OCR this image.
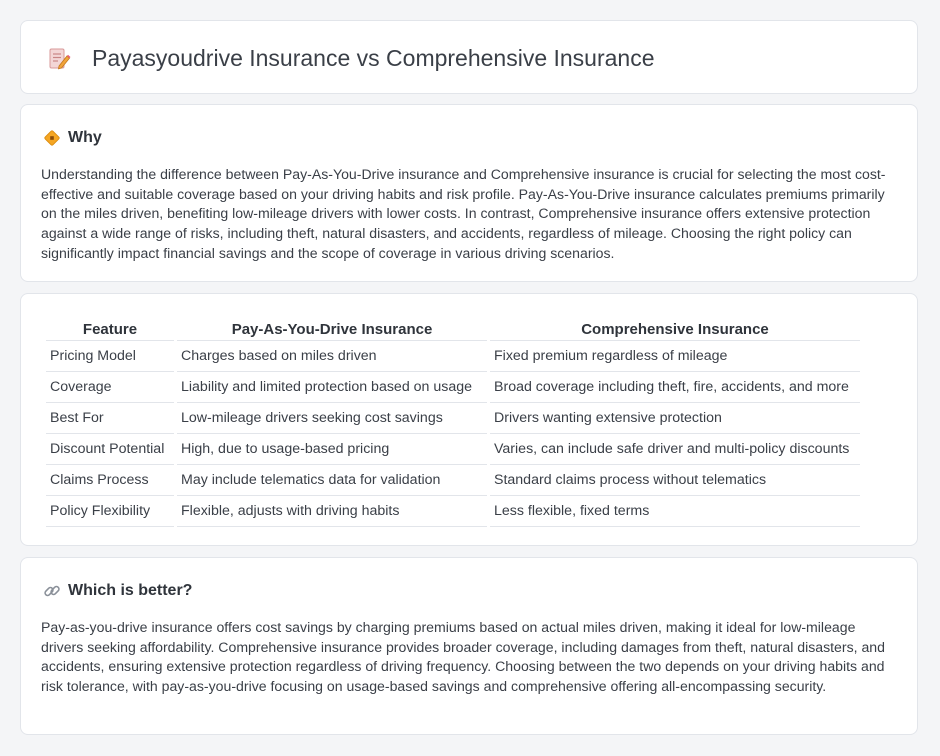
Payasyoudrive Insurance vs Comprehensive Insurance
Why

Understanding the difference between Pay-As-You-Drive insurance and Comprehensive insurance is crucial for selecting the most cost-effective and suitable coverage based on your driving habits and risk profile. Pay-As-You-Drive insurance calculates premiums primarily on the miles driven, benefiting low-mileage drivers with lower costs. In contrast, Comprehensive insurance offers extensive protection against a wide range of risks, including theft, natural disasters, and accidents, regardless of mileage. Choosing the right policy can significantly impact financial savings and the scope of coverage in various driving scenarios.

Feature	Pay-As-You-Drive Insurance	Comprehensive Insurance
Pricing Model	Charges based on miles driven	Fixed premium regardless of mileage
Coverage	Liability and limited protection based on usage	Broad coverage including theft, fire, accidents, and more
Best For	Low-mileage drivers seeking cost savings	Drivers wanting extensive protection
Discount Potential	High, due to usage-based pricing	Varies, can include safe driver and multi-policy discounts
Claims Process	May include telematics data for validation	Standard claims process without telematics
Policy Flexibility	Flexible, adjusts with driving habits	Less flexible, fixed terms
Which is better?

Pay-as-you-drive insurance offers cost savings by charging premiums based on actual miles driven, making it ideal for low-mileage drivers seeking affordability. Comprehensive insurance provides broader coverage, including damages from theft, natural disasters, and accidents, ensuring extensive protection regardless of driving frequency. Choosing between the two depends on your driving habits and risk tolerance, with pay-as-you-drive focusing on usage-based savings and comprehensive offering all-encompassing security.
